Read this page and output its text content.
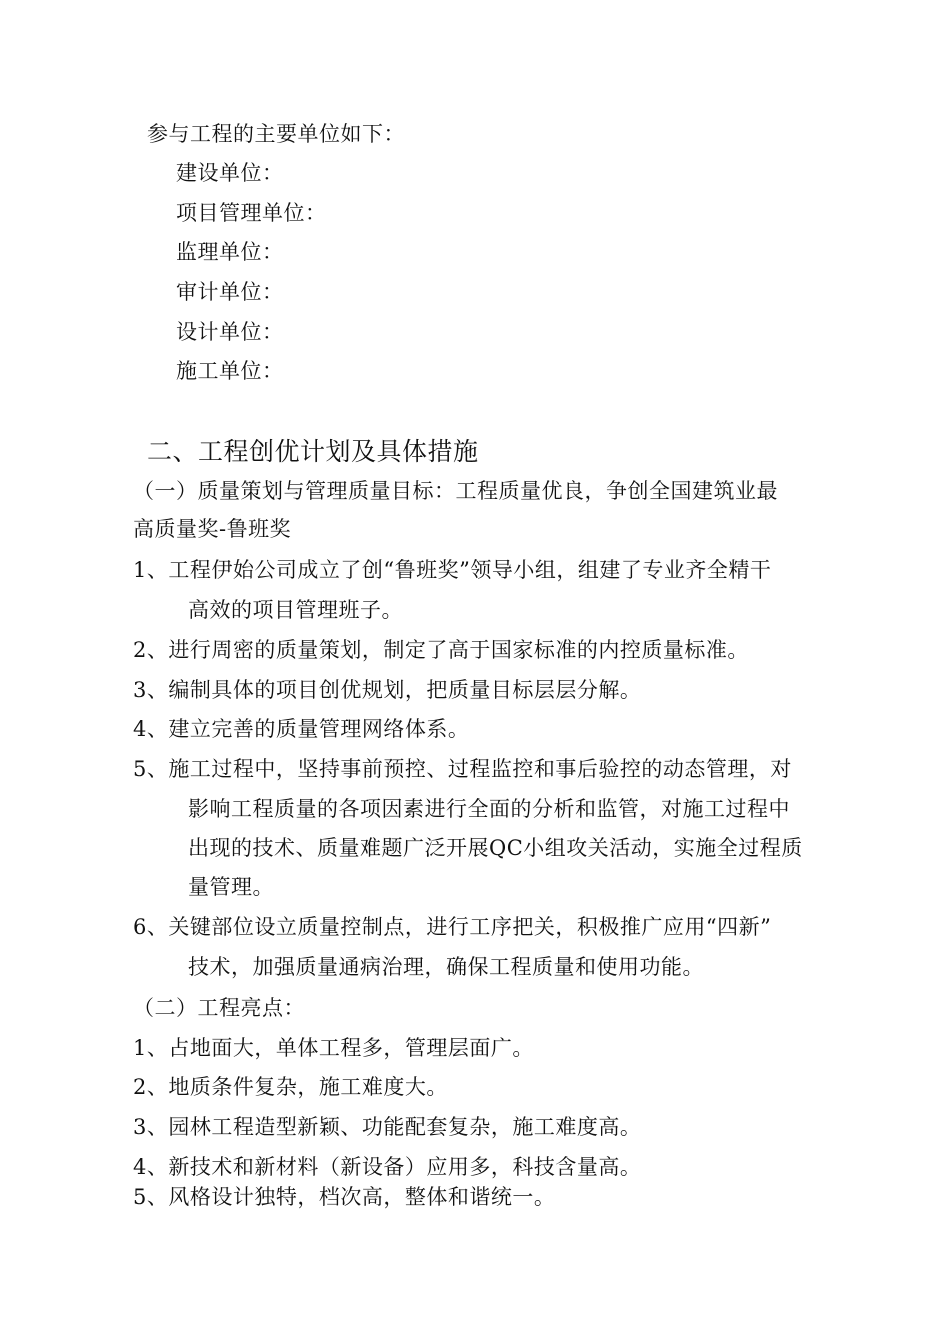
参与工程的主要单位如下：
建设单位：
项目管理单位：
监理单位：
审计单位：
设计单位：
施工单位：
二、工程创优计划及具体措施
（一）质量策划与管理质量目标：工程质量优良，争创全国建筑业最
高质量奖-鲁班奖
1、工程伊始公司成立了创“鲁班奖”领导小组，组建了专业齐全精干
高效的项目管理班子。
2、进行周密的质量策划，制定了高于国家标准的内控质量标准。
3、编制具体的项目创优规划，把质量目标层层分解。
4、建立完善的质量管理网络体系。
5、施工过程中，坚持事前预控、过程监控和事后验控的动态管理，对
影响工程质量的各项因素进行全面的分析和监管，对施工过程中
出现的技术、质量难题广泛开展QC小组攻关活动，实施全过程质
量管理。
6、关键部位设立质量控制点，进行工序把关，积极推广应用“四新”
技术，加强质量通病治理，确保工程质量和使用功能。
（二）工程亮点：
1、占地面大，单体工程多，管理层面广。
2、地质条件复杂，施工难度大。
3、园林工程造型新颖、功能配套复杂，施工难度高。
4、新技术和新材料（新设备）应用多，科技含量高。
5、风格设计独特，档次高，整体和谐统一。
